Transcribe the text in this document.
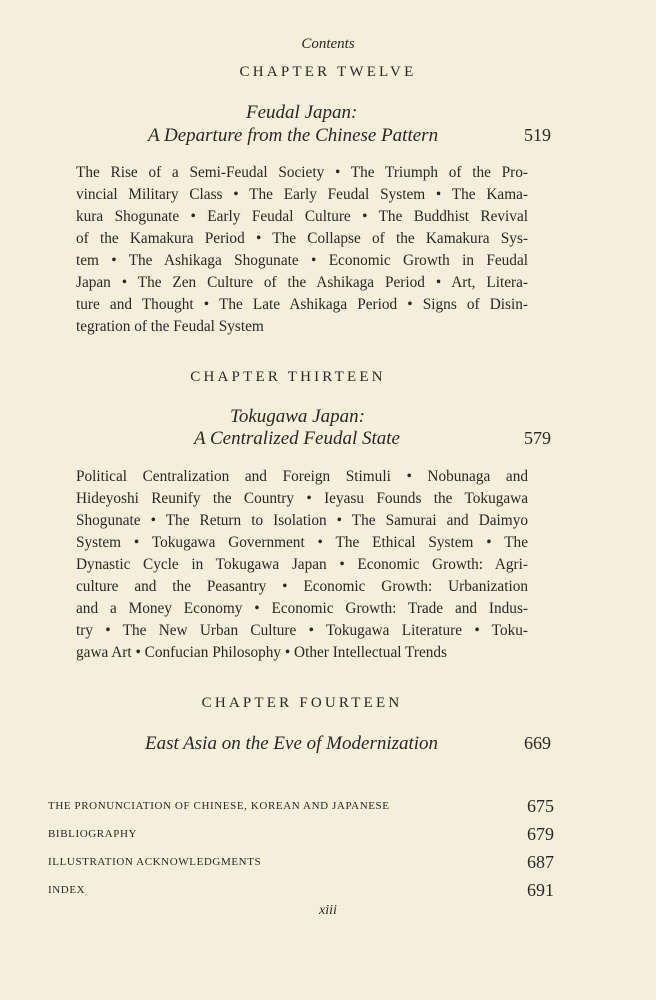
Contents
CHAPTER TWELVE
Feudal Japan:
A Departure from the Chinese Pattern	519
The Rise of a Semi-Feudal Society • The Triumph of the Pro-
vincial Military Class • The Early Feudal System • The Kama-
kura Shogunate • Early Feudal Culture • The Buddhist Revival
of the Kamakura Period • The Collapse of the Kamakura Sys-
tem • The Ashikaga Shogunate • Economic Growth in Feudal
Japan • The Zen Culture of the Ashikaga Period • Art, Litera-
ture and Thought • The Late Ashikaga Period • Signs of Disin-
tegration of the Feudal System
CHAPTER THIRTEEN
Tokugawa Japan:
A Centralized Feudal State	579
Political Centralization and Foreign Stimuli • Nobunaga and
Hideyoshi Reunify the Country • Ieyasu Founds the Tokugawa
Shogunate • The Return to Isolation • The Samurai and Daimyo
System • Tokugawa Government • The Ethical System • The
Dynastic Cycle in Tokugawa Japan • Economic Growth: Agri-
culture and the Peasantry • Economic Growth: Urbanization
and a Money Economy • Economic Growth: Trade and Indus-
try • The New Urban Culture • Tokugawa Literature • Toku-
gawa Art • Confucian Philosophy • Other Intellectual Trends
CHAPTER FOURTEEN
East Asia on the Eve of Modernization	669
THE PRONUNCIATION OF CHINESE, KOREAN AND JAPANESE	675
BIBLIOGRAPHY	679
ILLUSTRATION ACKNOWLEDGMENTS	687
INDEX	691
xiii
